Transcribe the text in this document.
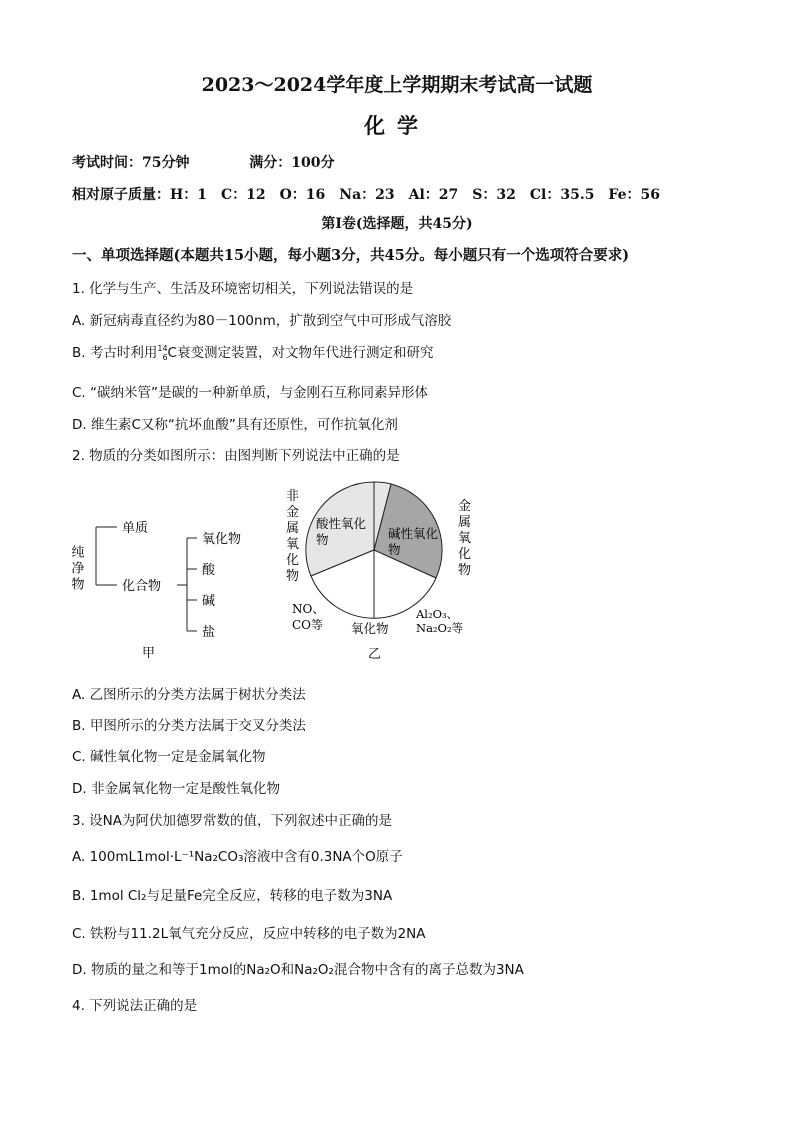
2023～2024学年度上学期期末考试高一试题
化学
考试时间：75分钟	满分：100分
相对原子质量：H：1　C：12　O：16　Na：23　Al：27　S：32　Cl：35.5　Fe：56
第Ⅰ卷(选择题，共45分)
一、单项选择题(本题共15小题，每小题3分，共45分。每小题只有一个选项符合要求)
1. 化学与生产、生活及环境密切相关，下列说法错误的是
A. 新冠病毒直径约为80－100nm，扩散到空气中可形成气溶胶
B. 考古时利用 14
6 C衰变测定装置，对文物年代进行测定和研究
C. “碳纳米管”是碳的一种新单质，与金刚石互称同素异形体
D. 维生素C又称“抗坏血酸”具有还原性，可作抗氧化剂
2. 物质的分类如图所示：由图判断下列说法中正确的是
纯净物
单质
化合物
氧化物
酸
碱
盐
甲
非金属氧化物
金属氧化物
酸性氧化物	碱性氧化物
氧化物
NO、 CO等
Al₂O₃、 Na₂O₂等
乙
A. 乙图所示的分类方法属于树状分类法
B. 甲图所示的分类方法属于交叉分类法
C. 碱性氧化物一定是金属氧化物
D. 非金属氧化物一定是酸性氧化物
3. 设NA为阿伏加德罗常数的值，下列叙述中正确的是
A. 100mL1mol·L⁻¹Na₂CO₃溶液中含有0.3NA个O原子
B. 1mol Cl₂与足量Fe完全反应，转移的电子数为3NA
C. 铁粉与11.2L氧气充分反应，反应中转移的电子数为2NA
D. 物质的量之和等于1mol的Na₂O和Na₂O₂混合物中含有的离子总数为3NA
4. 下列说法正确的是
